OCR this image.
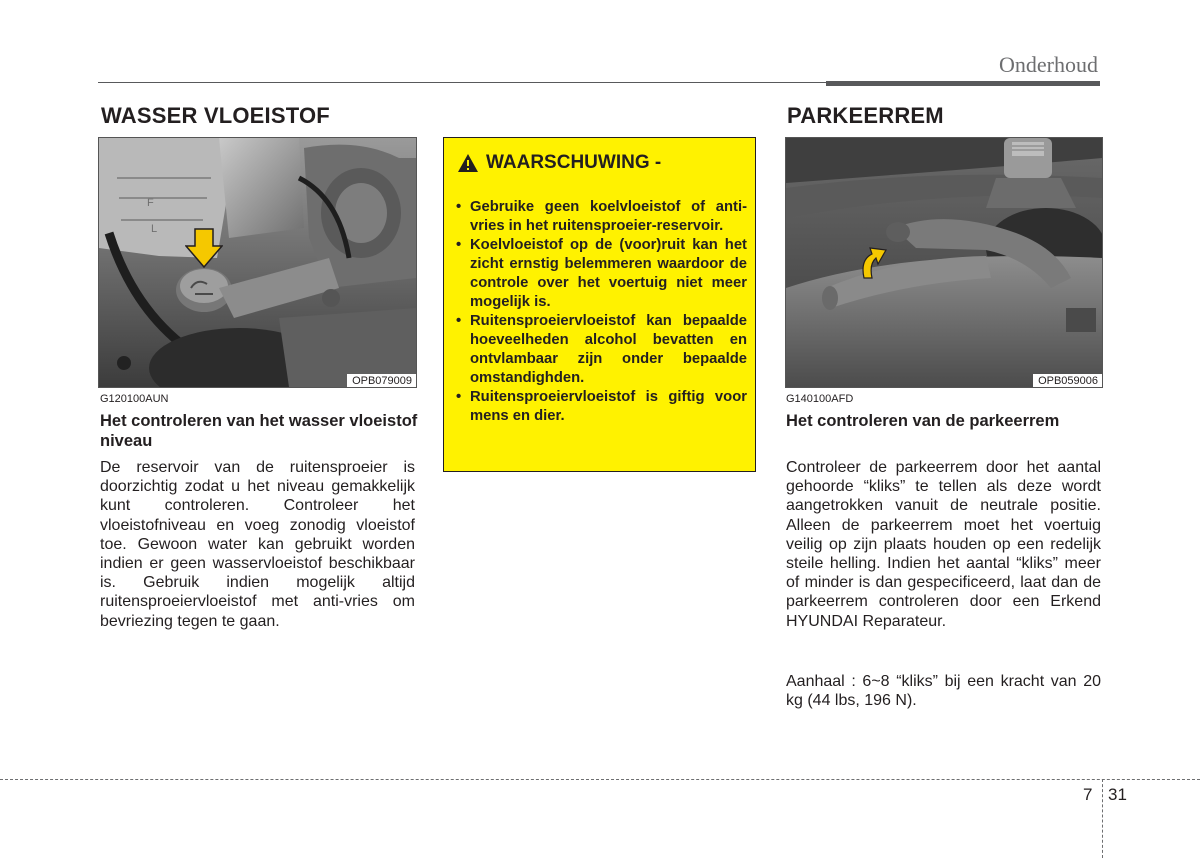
Onderhoud
WASSER VLOEISTOF
F
L
OPB079009
G120100AUN
Het controleren van het wasser vloeistof niveau

De reservoir van de ruitensproeier is doorzichtig zodat u het niveau gemakkelijk kunt controleren. Controleer het vloeistofniveau en voeg zonodig vloeistof toe. Gewoon water kan gebruikt worden indien er geen wasservloeistof beschikbaar is. Gebruik indien mogelijk altijd ruitensproeiervloeistof met anti-vries om bevriezing tegen te gaan.

WAARSCHUWING -
• Gebruike geen koelvloeistof of anti-vries in het ruitensproeier-reservoir.
• Koelvloeistof op de (voor)ruit kan het zicht ernstig belemmeren waardoor de controle over het voertuig niet meer mogelijk is.
• Ruitensproeiervloeistof kan bepaalde hoeveelheden alcohol bevatten en ontvlambaar zijn onder bepaalde omstandighden.
• Ruitensproeiervloeistof is giftig voor mens en dier.
PARKEERREM
OPB059006
G140100AFD
Het controleren van de parkeerrem

Controleer de parkeerrem door het aantal gehoorde “kliks” te tellen als deze wordt aangetrokken vanuit de neutrale positie. Alleen de parkeerrem moet het voertuig veilig op zijn plaats houden op een redelijk steile helling. Indien het aantal “kliks” meer of minder is dan gespecificeerd, laat dan de parkeerrem controleren door een Erkend HYUNDAI Reparateur.

Aanhaal : 6~8 “kliks” bij een kracht van 20 kg (44 lbs, 196 N).

7 31
